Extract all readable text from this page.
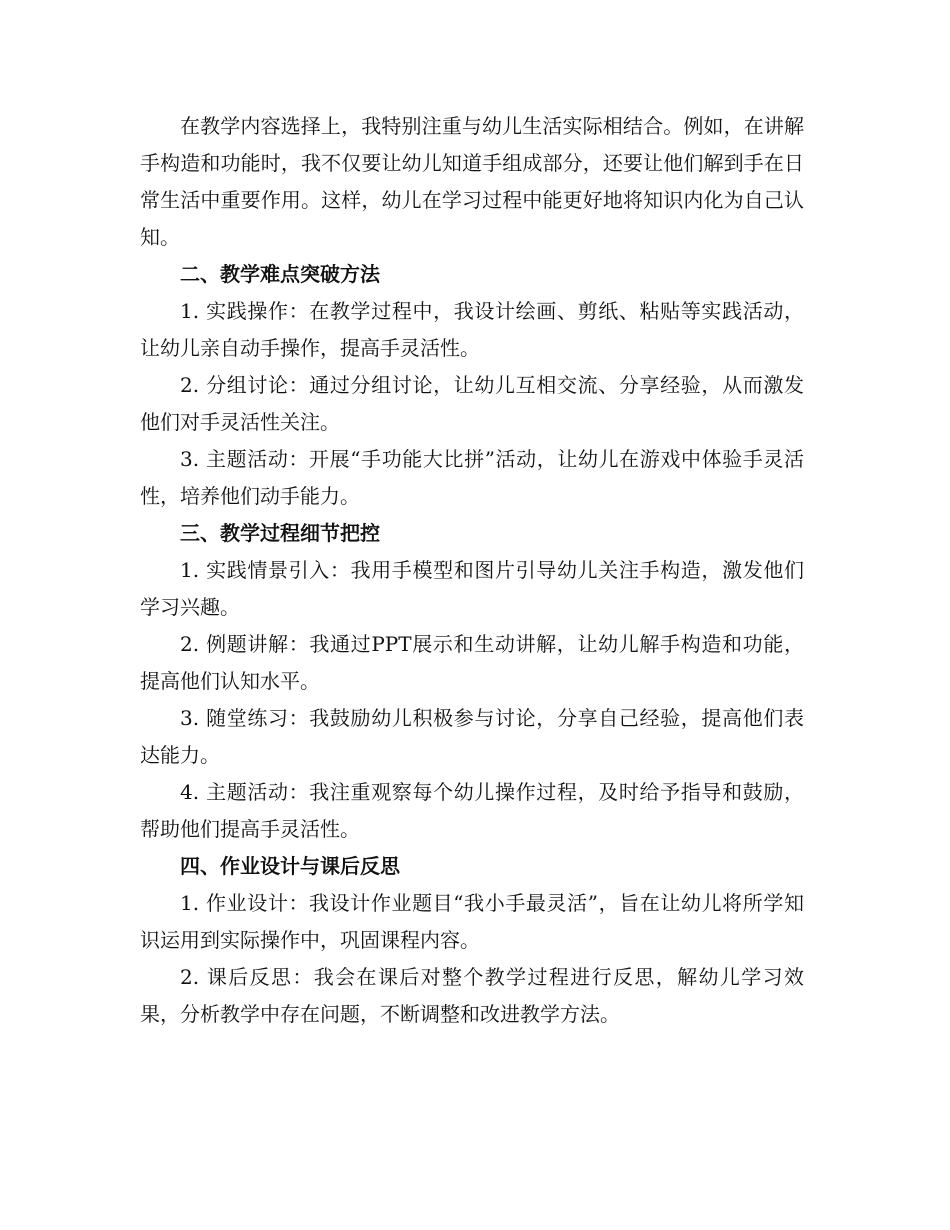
在教学内容选择上，我特别注重与幼儿生活实际相结合。例如，在讲解手构造和功能时，我不仅要让幼儿知道手组成部分，还要让他们解到手在日常生活中重要作用。这样，幼儿在学习过程中能更好地将知识内化为自己认知。

二、教学难点突破方法

1. 实践操作：在教学过程中，我设计绘画、剪纸、粘贴等实践活动，让幼儿亲自动手操作，提高手灵活性。

2. 分组讨论：通过分组讨论，让幼儿互相交流、分享经验，从而激发他们对手灵活性关注。

3. 主题活动：开展“手功能大比拼”活动，让幼儿在游戏中体验手灵活性，培养他们动手能力。

三、教学过程细节把控

1. 实践情景引入：我用手模型和图片引导幼儿关注手构造，激发他们学习兴趣。

2. 例题讲解：我通过PPT展示和生动讲解，让幼儿解手构造和功能，提高他们认知水平。

3. 随堂练习：我鼓励幼儿积极参与讨论，分享自己经验，提高他们表达能力。

4. 主题活动：我注重观察每个幼儿操作过程，及时给予指导和鼓励，帮助他们提高手灵活性。

四、作业设计与课后反思

1. 作业设计：我设计作业题目“我小手最灵活”，旨在让幼儿将所学知识运用到实际操作中，巩固课程内容。

2. 课后反思：我会在课后对整个教学过程进行反思，解幼儿学习效果，分析教学中存在问题，不断调整和改进教学方法。
